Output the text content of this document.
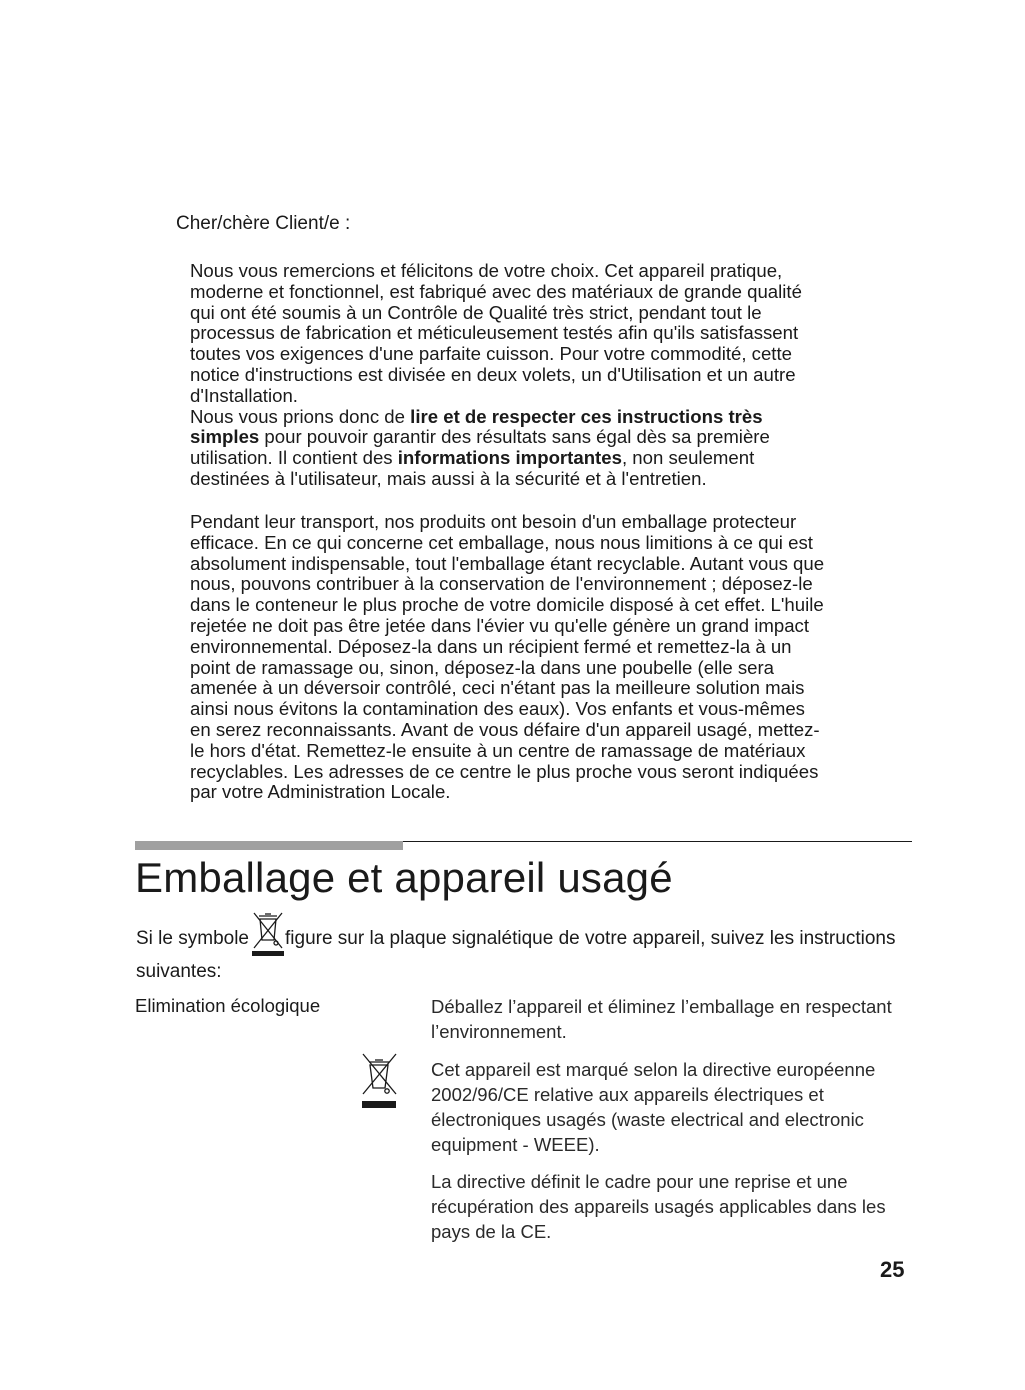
Cher/chère Client/e :

Nous vous remercions et félicitons de votre choix. Cet appareil pratique, moderne et fonctionnel, est fabriqué avec des matériaux de grande qualité qui ont été soumis à un Contrôle de Qualité très strict, pendant tout le processus de fabrication et méticuleusement testés afin qu'ils satisfassent toutes vos exigences d'une parfaite cuisson. Pour votre commodité, cette notice d'instructions est divisée en deux volets, un d'Utilisation et un autre d'Installation.
Nous vous prions donc de lire et de respecter ces instructions très simples pour pouvoir garantir des résultats sans égal dès sa première utilisation. Il contient des informations importantes, non seulement destinées à l'utilisateur, mais aussi à la sécurité et à l'entretien.

Pendant leur transport, nos produits ont besoin d'un emballage protecteur efficace. En ce qui concerne cet emballage, nous nous limitions à ce qui est absolument indispensable, tout l'emballage étant recyclable. Autant vous que nous, pouvons contribuer à la conservation de l'environnement ; déposez-le dans le conteneur le plus proche de votre domicile disposé à cet effet. L'huile rejetée ne doit pas être jetée dans l'évier vu qu'elle génère un grand impact environnemental. Déposez-la dans un récipient fermé et remettez-la à un point de ramassage ou, sinon, déposez-la dans une poubelle (elle sera amenée à un déversoir contrôlé, ceci n'étant pas la meilleure solution mais ainsi nous évitons la contamination des eaux). Vos enfants et vous-mêmes en serez reconnaissants. Avant de vous défaire d'un appareil usagé, mettez-le hors d'état. Remettez-le ensuite à un centre de ramassage de matériaux recyclables. Les adresses de ce centre le plus proche vous seront indiquées par votre Administration Locale.

Emballage et appareil usagé
Si le symbole figure sur la plaque signalétique de votre appareil, suivez les instructions suivantes:
Elimination écologique	Déballez l’appareil et éliminez l’emballage en respectant l’environnement.

Cet appareil est marqué selon la directive européenne 2002/96/CE relative aux appareils électriques et électroniques usagés (waste electrical and electronic equipment - WEEE).

La directive définit le cadre pour une reprise et une récupération des appareils usagés applicables dans les pays de la CE.

25
